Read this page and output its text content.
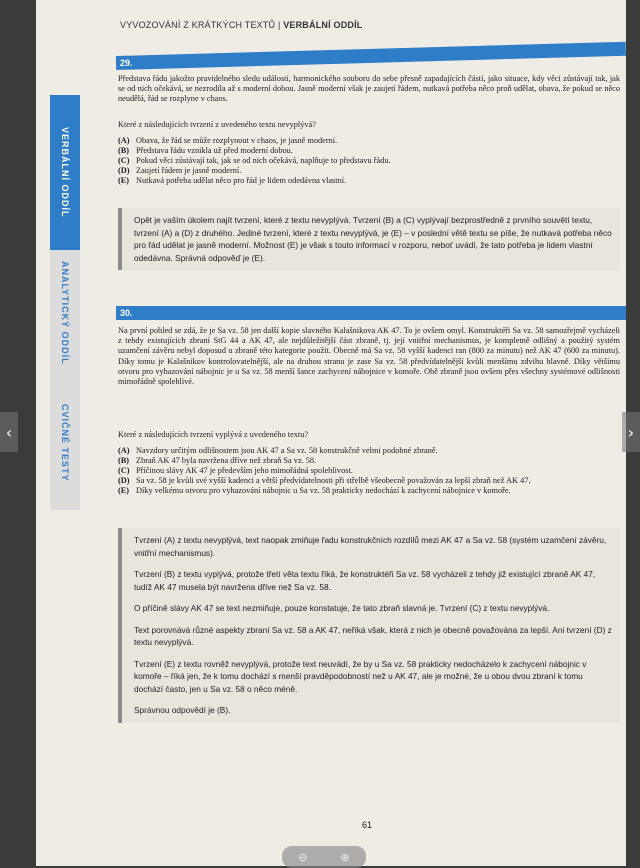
VYVOZOVÁNÍ Z KRÁTKÝCH TEXTŮ | VERBÁLNÍ ODDÍL
VERBÁLNÍ ODDÍL
ANALYTICKÝ ODDÍL
CVIČNÉ TESTY
29.
Představa řádu jakožto pravidelného sledu událostí, harmonického souboru do sebe přesně zapadajících částí, jako situace, kdy věci zůstávají tak, jak se od nich očekává, se nezrodila až s moderní dobou. Jasně moderní však je zaujetí řádem, nutkavá potřeba něco proň udělat, obava, že pokud se něco neudělá, řád se rozplyne v chaos.
Které z následujících tvrzení z uvedeného textu nevyplývá?
(A) Obava, že řád se může rozplynout v chaos, je jasně moderní.
(B) Představa řádu vznikla už před moderní dobou.
(C) Pokud věci zůstávají tak, jak se od nich očekává, naplňuje to představu řádu.
(D) Zaujetí řádem je jasně moderní.
(E) Nutkavá potřeba udělat něco pro řád je lidem odedávna vlastní.

Opět je vaším úkolem najít tvrzení, které z textu nevyplývá. Tvrzení (B) a (C) vyplývají bezprostředně z prvního souvětí textu, tvrzení (A) a (D) z druhého. Jediné tvrzení, které z textu nevyplývá, je (E) – v poslední větě textu se píše, že nutkavá potřeba něco pro řád udělat je jasně moderní. Možnost (E) je však s touto informací v rozporu, neboť uvádí, že tato potřeba je lidem vlastní odedávna. Správná odpověď je (E).

30.
Na první pohled se zdá, že je Sa vz. 58 jen další kopie slavného Kalašnikova AK 47. To je ovšem omyl. Konstruktéři Sa vz. 58 samozřejmě vycházeli z tehdy existujících zbraní StG 44 a AK 47, ale nejdůležitější část zbraně, tj. její vnitřní mechanismus, je kompletně odlišný a použitý systém uzamčení závěru nebyl doposud u zbraně této kategorie použit. Obecně má Sa vz. 58 vyšší kadenci ran (800 za minutu) než AK 47 (600 za minutu). Díky tomu je Kalašnikov kontrolovatelnější, ale na druhou stranu je zase Sa vz. 58 předvídatelnější kvůli menšímu zdvihu hlavně. Díky většímu otvoru pro vyhazování nábojnic je u Sa vz. 58 menší šance zachycení nábojnice v komoře. Obě zbraně jsou ovšem přes všechny systémové odlišnosti mimořádně spolehlivé.
Které z následujících tvrzení vyplývá z uvedeného textu?
(A) Navzdory určitým odlišnostem jsou AK 47 a Sa vz. 58 konstrukčně velmi podobné zbraně.
(B) Zbraň AK 47 byla navržena dříve než zbraň Sa vz. 58.
(C) Příčinou slávy AK 47 je především jeho mimořádná spolehlivost.
(D) Sa vz. 58 je kvůli své vyšší kadenci a větší předvídatelnosti při střelbě všeobecně považován za lepší zbraň než AK 47.
(E) Díky velkému otvoru pro vyhazování nábojnic u Sa vz. 58 prakticky nedochází k zachycení nábojnice v komoře.

Tvrzení (A) z textu nevyplývá, text naopak zmiňuje řadu konstrukčních rozdílů mezi AK 47 a Sa vz. 58 (systém uzamčení závěru, vnitřní mechanismus).

Tvrzení (B) z textu vyplývá, protože třetí věta textu říká, že konstruktéři Sa vz. 58 vycházeli z tehdy již existující zbraně AK 47, tudíž AK 47 musela být navržena dříve než Sa vz. 58.

O příčině slávy AK 47 se text nezmiňuje, pouze konstatuje, že tato zbraň slavná je. Tvrzení (C) z textu nevyplývá.

Text porovnává různé aspekty zbraní Sa vz. 58 a AK 47, neříká však, která z nich je obecně považována za lepší. Ani tvrzení (D) z textu nevyplývá.

Tvrzení (E) z textu rovněž nevyplývá, protože text neuvádí, že by u Sa vz. 58 prakticky nedocházelo k zachycení nábojnic v komoře – říká jen, že k tomu dochází s menší pravděpodobností než u AK 47, ale je možné, že u obou dvou zbraní k tomu dochází často, jen u Sa vz. 58 o něco méně.

Správnou odpovědí je (B).

61
‹	›
⊖	⊕
